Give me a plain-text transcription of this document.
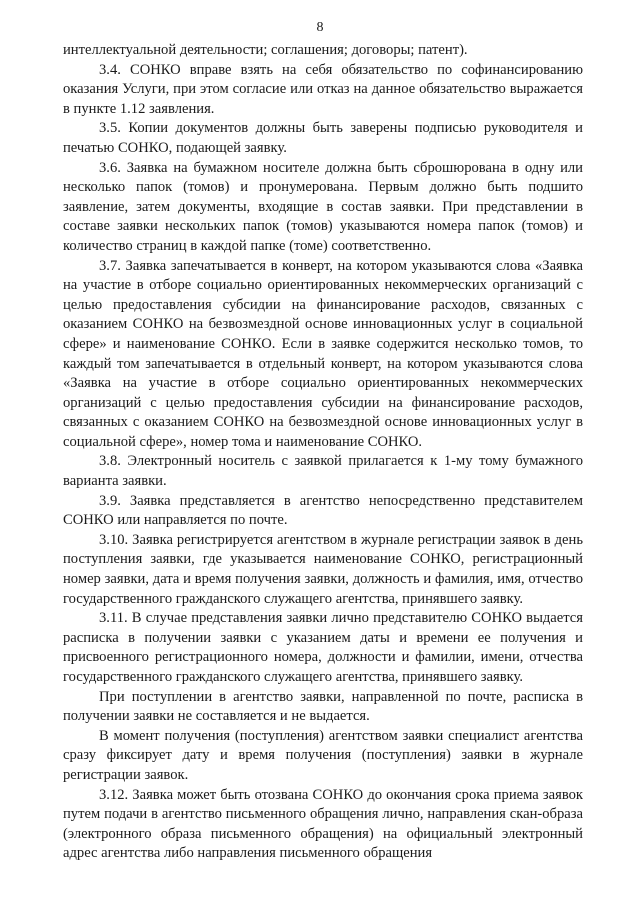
8

интеллектуальной деятельности; соглашения; договоры; патент).

3.4. СОНКО вправе взять на себя обязательство по софинансированию оказания Услуги, при этом согласие или отказ на данное обязательство выражается в пункте 1.12 заявления.

3.5. Копии документов должны быть заверены подписью руководителя и печатью СОНКО, подающей заявку.

3.6. Заявка на бумажном носителе должна быть сброшюрована в одну или несколько папок (томов) и пронумерована. Первым должно быть подшито заявление, затем документы, входящие в состав заявки. При представлении в составе заявки нескольких папок (томов) указываются номера папок (томов) и количество страниц в каждой папке (томе) соответственно.

3.7. Заявка запечатывается в конверт, на котором указываются слова «Заявка на участие в отборе социально ориентированных некоммерческих организаций с целью предоставления субсидии на финансирование расходов, связанных с оказанием СОНКО на безвозмездной основе инновационных услуг в социальной сфере» и наименование СОНКО. Если в заявке содержится несколько томов, то каждый том запечатывается в отдельный конверт, на котором указываются слова «Заявка на участие в отборе социально ориентированных некоммерческих организаций с целью предоставления субсидии на финансирование расходов, связанных с оказанием СОНКО на безвозмездной основе инновационных услуг в социальной сфере», номер тома и наименование СОНКО.

3.8. Электронный носитель с заявкой прилагается к 1-му тому бумажного варианта заявки.

3.9. Заявка представляется в агентство непосредственно представителем СОНКО или направляется по почте.

3.10. Заявка регистрируется агентством в журнале регистрации заявок в день поступления заявки, где указывается наименование СОНКО, регистрационный номер заявки, дата и время получения заявки, должность и фамилия, имя, отчество государственного гражданского служащего агентства, принявшего заявку.

3.11. В случае представления заявки лично представителю СОНКО выдается расписка в получении заявки с указанием даты и времени ее получения и присвоенного регистрационного номера, должности и фамилии, имени, отчества государственного гражданского служащего агентства, принявшего заявку.

При поступлении в агентство заявки, направленной по почте, расписка в получении заявки не составляется и не выдается.

В момент получения (поступления) агентством заявки специалист агентства сразу фиксирует дату и время получения (поступления) заявки в журнале регистрации заявок.

3.12. Заявка может быть отозвана СОНКО до окончания срока приема заявок путем подачи в агентство письменного обращения лично, направления скан-образа (электронного образа письменного обращения) на официальный электронный адрес агентства либо направления письменного обращения
